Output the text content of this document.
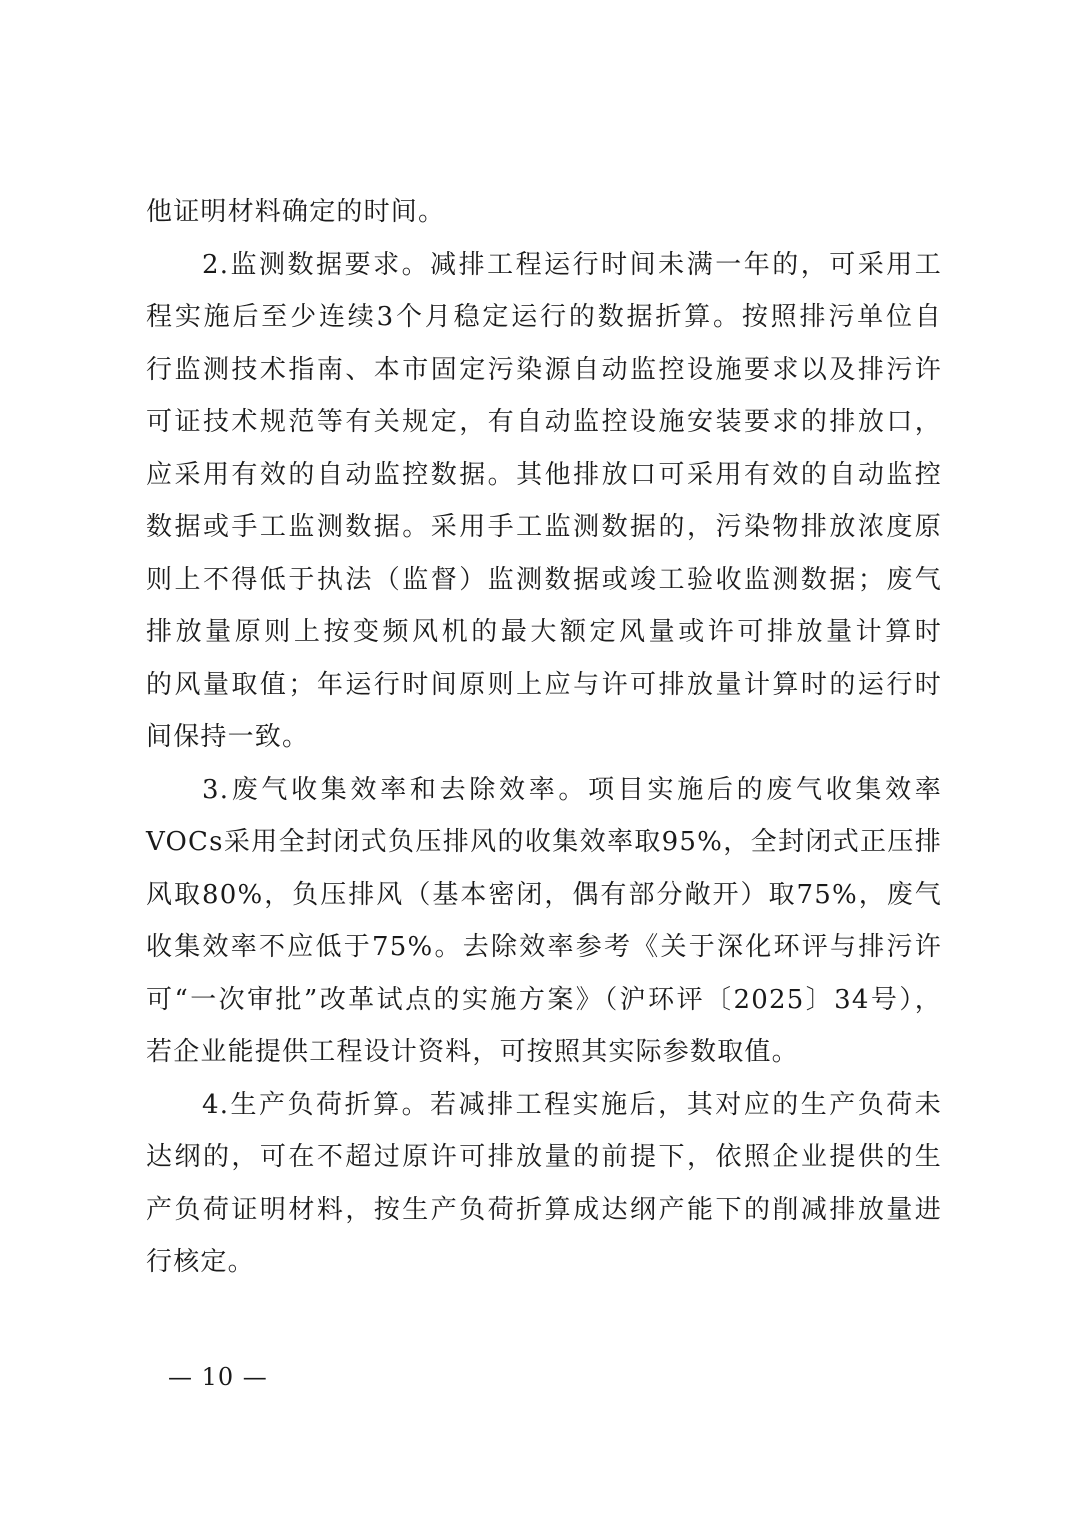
他证明材料确定的时间。
2.监测数据要求。减排工程运行时间未满一年的，可采用工
程实施后至少连续3个月稳定运行的数据折算。按照排污单位自
行监测技术指南、本市固定污染源自动监控设施要求以及排污许
可证技术规范等有关规定，有自动监控设施安装要求的排放口，
应采用有效的自动监控数据。其他排放口可采用有效的自动监控
数据或手工监测数据。采用手工监测数据的，污染物排放浓度原
则上不得低于执法（监督）监测数据或竣工验收监测数据；废气
排放量原则上按变频风机的最大额定风量或许可排放量计算时
的风量取值；年运行时间原则上应与许可排放量计算时的运行时
间保持一致。
3.废气收集效率和去除效率。项目实施后的废气收集效率
VOCs采用全封闭式负压排风的收集效率取95%，全封闭式正压排
风取80%，负压排风（基本密闭，偶有部分敞开）取75%，废气
收集效率不应低于75%。去除效率参考《关于深化环评与排污许
可“一次审批”改革试点的实施方案》（沪环评〔2025〕34号），
若企业能提供工程设计资料，可按照其实际参数取值。
4.生产负荷折算。若减排工程实施后，其对应的生产负荷未
达纲的，可在不超过原许可排放量的前提下，依照企业提供的生
产负荷证明材料，按生产负荷折算成达纲产能下的削减排放量进
行核定。
— 10 —
